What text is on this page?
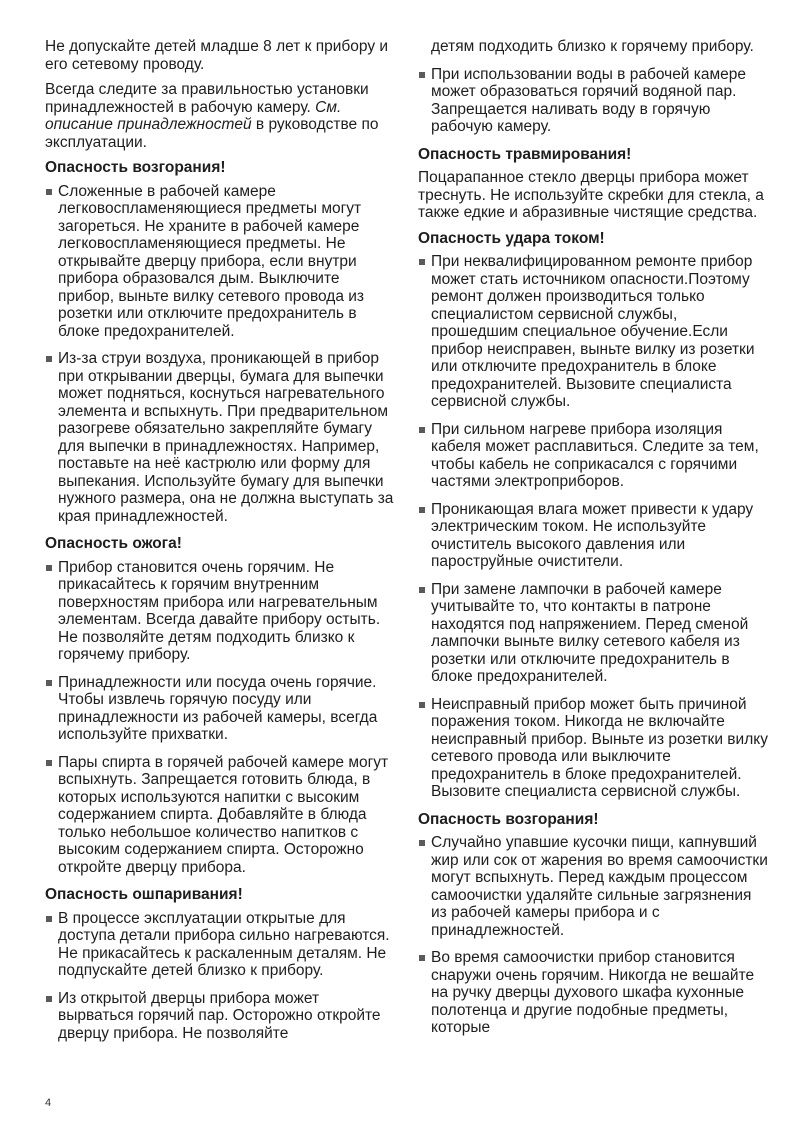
Не допускайте детей младше 8 лет к прибору и его сетевому проводу.

Всегда следите за правильностью установки принадлежностей в рабочую камеру. См. описание принадлежностей в руководстве по эксплуатации.

Опасность возгорания!
Сложенные в рабочей камере легковоспламеняющиеся предметы могут загореться. Не храните в рабочей камере легковоспламеняющиеся предметы. Не открывайте дверцу прибора, если внутри прибора образовался дым. Выключите прибор, выньте вилку сетевого провода из розетки или отключите предохранитель в блоке предохранителей.
Из-за струи воздуха, проникающей в прибор при открывании дверцы, бумага для выпечки может подняться, коснуться нагревательного элемента и вспыхнуть. При предварительном разогреве обязательно закрепляйте бумагу для выпечки в принадлежностях. Например, поставьте на неё кастрюлю или форму для выпекания. Используйте бумагу для выпечки нужного размера, она не должна выступать за края принадлежностей.
Опасность ожога!
Прибор становится очень горячим. Не прикасайтесь к горячим внутренним поверхностям прибора или нагревательным элементам. Всегда давайте прибору остыть. Не позволяйте детям подходить близко к горячему прибору.
Принадлежности или посуда очень горячие. Чтобы извлечь горячую посуду или принадлежности из рабочей камеры, всегда используйте прихватки.
Пары спирта в горячей рабочей камере могут вспыхнуть. Запрещается готовить блюда, в которых используются напитки с высоким содержанием спирта. Добавляйте в блюда только небольшое количество напитков с высоким содержанием спирта. Осторожно откройте дверцу прибора.
Опасность ошпаривания!
В процессе эксплуатации открытые для доступа детали прибора сильно нагреваются. Не прикасайтесь к раскаленным деталям. Не подпускайте детей близко к прибору.
Из открытой дверцы прибора может вырваться горячий пар. Осторожно откройте дверцу прибора. Не позволяйте
детям подходить близко к горячему прибору.
При использовании воды в рабочей камере может образоваться горячий водяной пар. Запрещается наливать воду в горячую рабочую камеру.
Опасность травмирования!

Поцарапанное стекло дверцы прибора может треснуть. Не используйте скребки для стекла, а также едкие и абразивные чистящие средства.

Опасность удара током!
При неквалифицированном ремонте прибор может стать источником опасности.Поэтому ремонт должен производиться только специалистом сервисной службы, прошедшим специальное обучение.Если прибор неисправен, выньте вилку из розетки или отключите предохранитель в блоке предохранителей. Вызовите специалиста сервисной службы.
При сильном нагреве прибора изоляция кабеля может расплавиться. Следите за тем, чтобы кабель не соприкасался с горячими частями электроприборов.
Проникающая влага может привести к удару электрическим током. Не используйте очиститель высокого давления или пароструйные очистители.
При замене лампочки в рабочей камере учитывайте то, что контакты в патроне находятся под напряжением. Перед сменой лампочки выньте вилку сетевого кабеля из розетки или отключите предохранитель в блоке предохранителей.
Неисправный прибор может быть причиной поражения током. Никогда не включайте неисправный прибор. Выньте из розетки вилку сетевого провода или выключите предохранитель в блоке предохранителей. Вызовите специалиста сервисной службы.
Опасность возгорания!
Случайно упавшие кусочки пищи, капнувший жир или сок от жарения во время самоочистки могут вспыхнуть. Перед каждым процессом самоочистки удаляйте сильные загрязнения из рабочей камеры прибора и с принадлежностей.
Во время самоочистки прибор становится снаружи очень горячим. Никогда не вешайте на ручку дверцы духового шкафа кухонные полотенца и другие подобные предметы, которые
4
